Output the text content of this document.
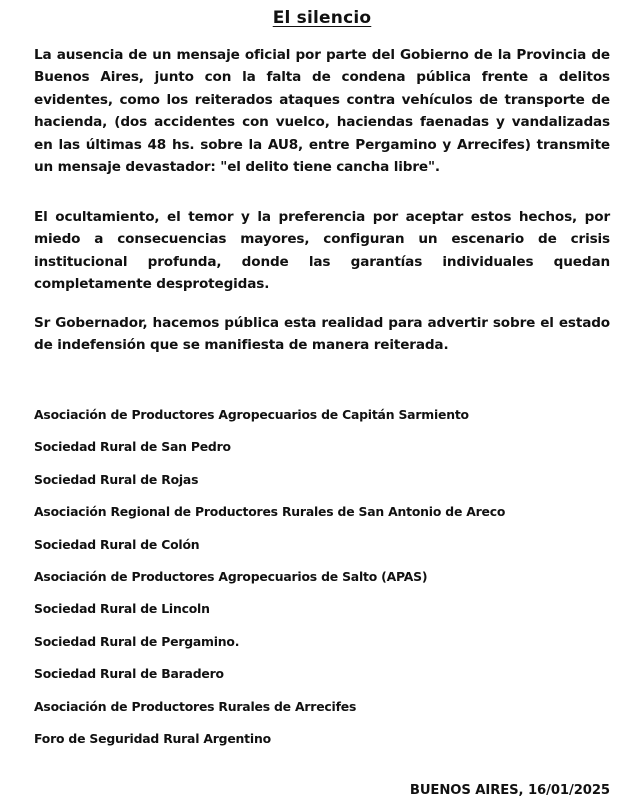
El silencio
La ausencia de un mensaje oficial por parte del Gobierno de la Provincia de Buenos Aires, junto con la falta de condena pública frente a delitos evidentes, como los reiterados ataques contra vehículos de transporte de hacienda, (dos accidentes con vuelco, haciendas faenadas y vandalizadas en las últimas 48 hs. sobre la AU8, entre Pergamino y Arrecifes) transmite un mensaje devastador: "el delito tiene cancha libre".
El ocultamiento, el temor y la preferencia por aceptar estos hechos, por miedo a consecuencias mayores, configuran un escenario de crisis institucional profunda, donde las garantías individuales quedan completamente desprotegidas.
Sr Gobernador, hacemos pública esta realidad para advertir sobre el estado de indefensión que se manifiesta de manera reiterada.
Asociación de Productores Agropecuarios de Capitán Sarmiento
Sociedad Rural de San Pedro
Sociedad Rural de Rojas
Asociación Regional de Productores Rurales de San Antonio de Areco
Sociedad Rural de Colón
Asociación de Productores Agropecuarios de Salto (APAS)
Sociedad Rural de Lincoln
Sociedad Rural de Pergamino.
Sociedad Rural de Baradero
Asociación de Productores Rurales de Arrecifes
Foro de Seguridad Rural Argentino
BUENOS AIRES, 16/01/2025
